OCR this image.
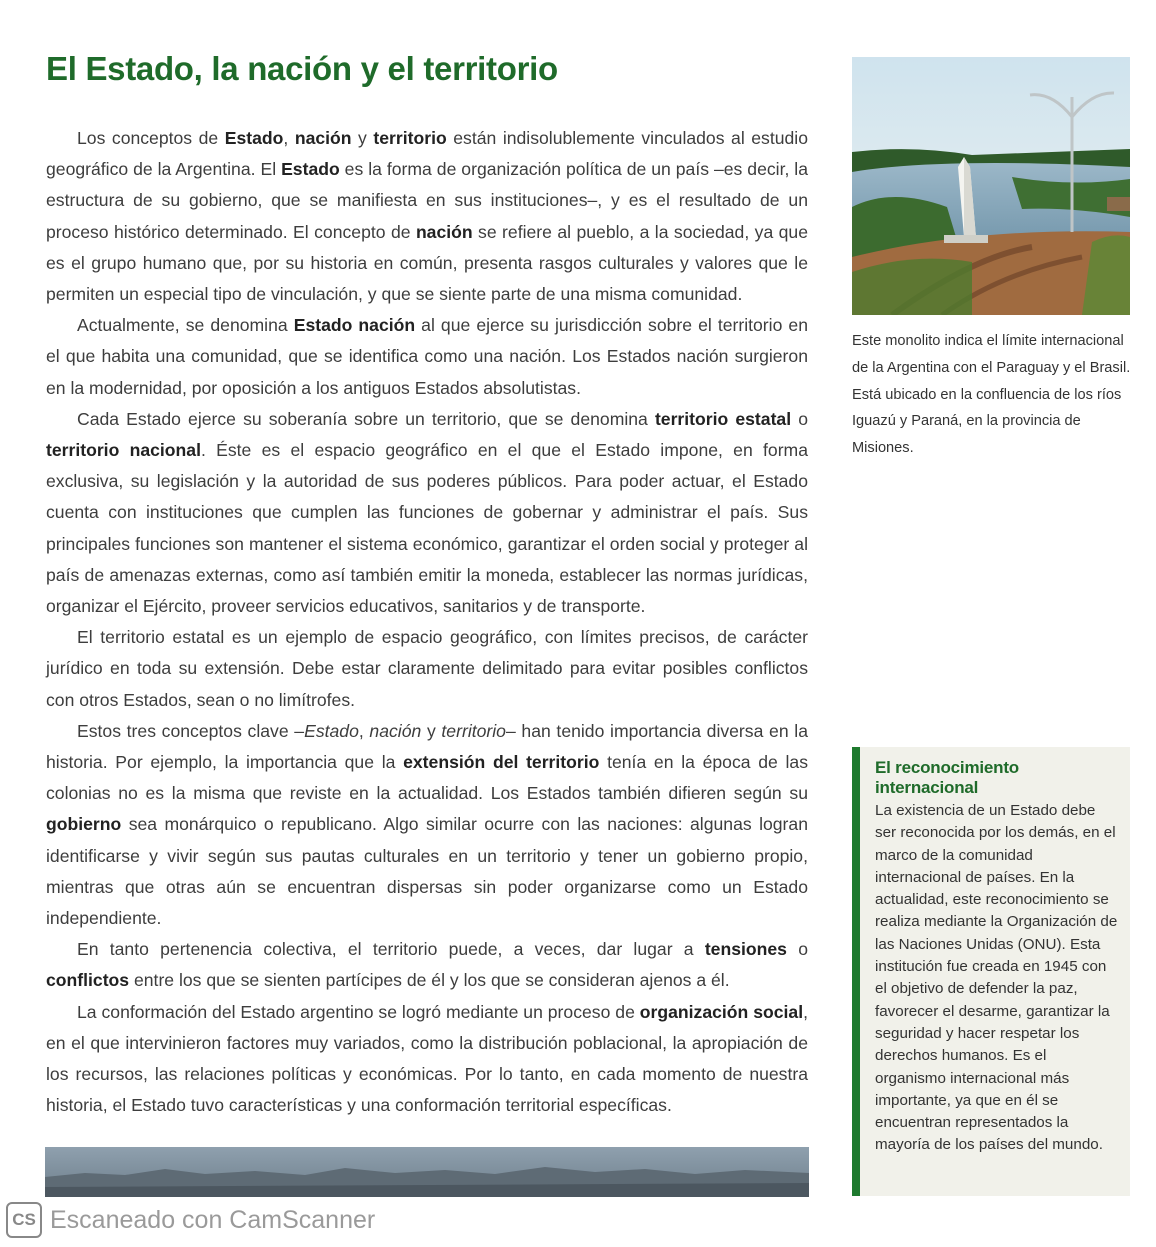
El Estado, la nación y el territorio

Los conceptos de Estado, nación y territorio están indisolublemente vinculados al estudio geográfico de la Argentina. El Estado es la forma de organización política de un país –es decir, la estructura de su gobierno, que se manifiesta en sus instituciones–, y es el resultado de un proceso histórico determinado. El concepto de nación se refiere al pueblo, a la sociedad, ya que es el grupo humano que, por su historia en común, presenta rasgos culturales y valores que le permiten un especial tipo de vinculación, y que se siente parte de una misma comunidad.

Actualmente, se denomina Estado nación al que ejerce su jurisdicción sobre el territorio en el que habita una comunidad, que se identifica como una nación. Los Estados nación surgieron en la modernidad, por oposición a los antiguos Estados absolutistas.

Cada Estado ejerce su soberanía sobre un territorio, que se denomina territorio estatal o territorio nacional. Éste es el espacio geográfico en el que el Estado impone, en forma exclusiva, su legislación y la autoridad de sus poderes públicos. Para poder actuar, el Estado cuenta con instituciones que cumplen las funciones de gobernar y administrar el país. Sus principales funciones son mantener el sistema económico, garantizar el orden social y proteger al país de amenazas externas, como así también emitir la moneda, establecer las normas jurídicas, organizar el Ejército, proveer servicios educativos, sanitarios y de transporte.

El territorio estatal es un ejemplo de espacio geográfico, con límites precisos, de carácter jurídico en toda su extensión. Debe estar claramente delimitado para evitar posibles conflictos con otros Estados, sean o no limítrofes.

Estos tres conceptos clave –Estado, nación y territorio– han tenido importancia diversa en la historia. Por ejemplo, la importancia que la extensión del territorio tenía en la época de las colonias no es la misma que reviste en la actualidad. Los Estados también difieren según su gobierno sea monárquico o republicano. Algo similar ocurre con las naciones: algunas logran identificarse y vivir según sus pautas culturales en un territorio y tener un gobierno propio, mientras que otras aún se encuentran dispersas sin poder organizarse como un Estado independiente.

En tanto pertenencia colectiva, el territorio puede, a veces, dar lugar a tensiones o conflictos entre los que se sienten partícipes de él y los que se consideran ajenos a él.

La conformación del Estado argentino se logró mediante un proceso de organización social, en el que intervinieron factores muy variados, como la distribución poblacional, la apropiación de los recursos, las relaciones políticas y económicas. Por lo tanto, en cada momento de nuestra historia, el Estado tuvo características y una conformación territorial específicas.

Este monolito indica el límite internacional de la Argentina con el Paraguay y el Brasil. Está ubicado en la confluencia de los ríos Iguazú y Paraná, en la provincia de Misiones.
El reconocimiento internacional

La existencia de un Estado debe ser reconocida por los demás, en el marco de la comunidad internacional de países. En la actualidad, este reconocimiento se realiza mediante la Organización de las Naciones Unidas (ONU). Esta institución fue creada en 1945 con el objetivo de defender la paz, favorecer el desarme, garantizar la seguridad y hacer respetar los derechos humanos. Es el organismo internacional más importante, ya que en él se encuentran representados la mayoría de los países del mundo.

CS Escaneado con CamScanner
